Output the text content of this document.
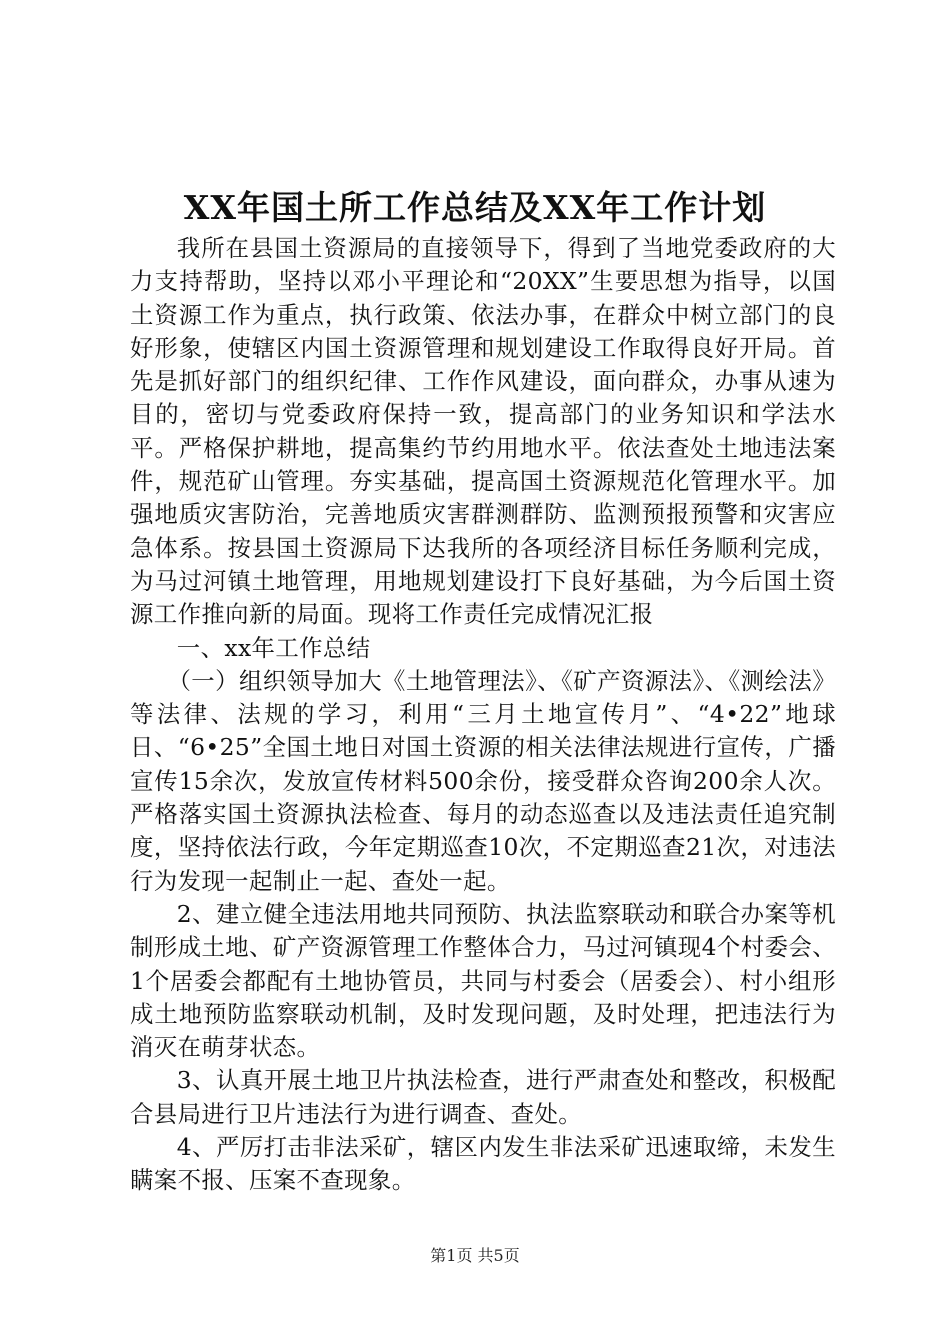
XX年国土所工作总结及XX年工作计划

我所在县国土资源局的直接领导下，得到了当地党委政府的大力支持帮助，坚持以邓小平理论和“20XX”生要思想为指导，以国土资源工作为重点，执行政策、依法办事，在群众中树立部门的良好形象，使辖区内国土资源管理和规划建设工作取得良好开局。首先是抓好部门的组织纪律、工作作风建设，面向群众，办事从速为目的，密切与党委政府保持一致，提高部门的业务知识和学法水平。严格保护耕地，提高集约节约用地水平。依法查处土地违法案件，规范矿山管理。夯实基础，提高国土资源规范化管理水平。加强地质灾害防治，完善地质灾害群测群防、监测预报预警和灾害应急体系。按县国土资源局下达我所的各项经济目标任务顺利完成，为马过河镇土地管理，用地规划建设打下良好基础，为今后国土资源工作推向新的局面。现将工作责任完成情况汇报

一、xx年工作总结

（一）组织领导加大《土地管理法》、《矿产资源法》、《测绘法》等法律、法规的学习，利用“三月土地宣传月”、“4•22”地球日、“6•25”全国土地日对国土资源的相关法律法规进行宣传，广播宣传15余次，发放宣传材料500余份，接受群众咨询200余人次。严格落实国土资源执法检查、每月的动态巡查以及违法责任追究制度，坚持依法行政，今年定期巡查10次，不定期巡查21次，对违法行为发现一起制止一起、查处一起。

2、建立健全违法用地共同预防、执法监察联动和联合办案等机制形成土地、矿产资源管理工作整体合力，马过河镇现4个村委会、1个居委会都配有土地协管员，共同与村委会（居委会）、村小组形成土地预防监察联动机制，及时发现问题，及时处理，把违法行为消灭在萌芽状态。

3、认真开展土地卫片执法检查，进行严肃查处和整改，积极配合县局进行卫片违法行为进行调查、查处。

4、严厉打击非法采矿，辖区内发生非法采矿迅速取缔，未发生瞒案不报、压案不查现象。

第1页 共5页
